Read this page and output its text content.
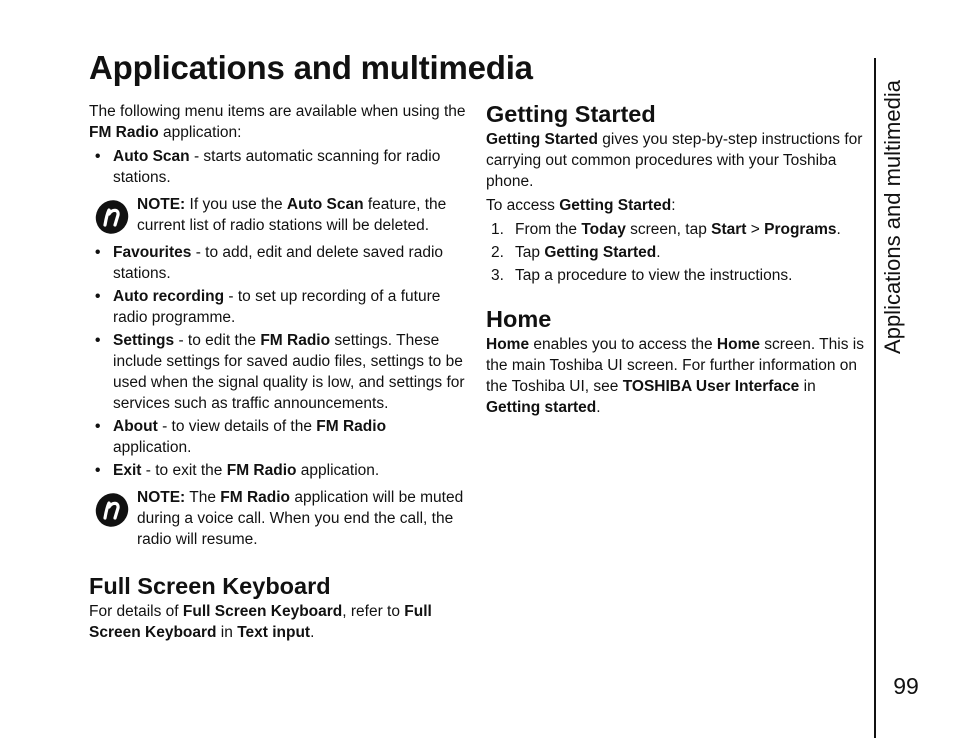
Applications and multimedia

The following menu items are available when using the FM Radio application:

• Auto Scan - starts automatic scanning for radio stations.
NOTE: If you use the Auto Scan feature, the current list of radio stations will be deleted.
• Favourites - to add, edit and delete saved radio stations.
• Auto recording - to set up recording of a future radio programme.
• Settings - to edit the FM Radio settings. These include settings for saved audio files, settings to be used when the signal quality is low, and settings for services such as traffic announcements.
• About - to view details of the FM Radio application.
• Exit - to exit the FM Radio application.
NOTE: The FM Radio application will be muted during a voice call. When you end the call, the radio will resume.
Full Screen Keyboard

For details of Full Screen Keyboard, refer to Full Screen Keyboard in Text input.

Getting Started

Getting Started gives you step-by-step instructions for carrying out common procedures with your Toshiba phone.

To access Getting Started:

1. From the Today screen, tap Start > Programs.
2. Tap Getting Started.
3. Tap a procedure to view the instructions.
Home

Home enables you to access the Home screen. This is the main Toshiba UI screen. For further information on the Toshiba UI, see TOSHIBA User Interface in Getting started.

Applications and multimedia
99
